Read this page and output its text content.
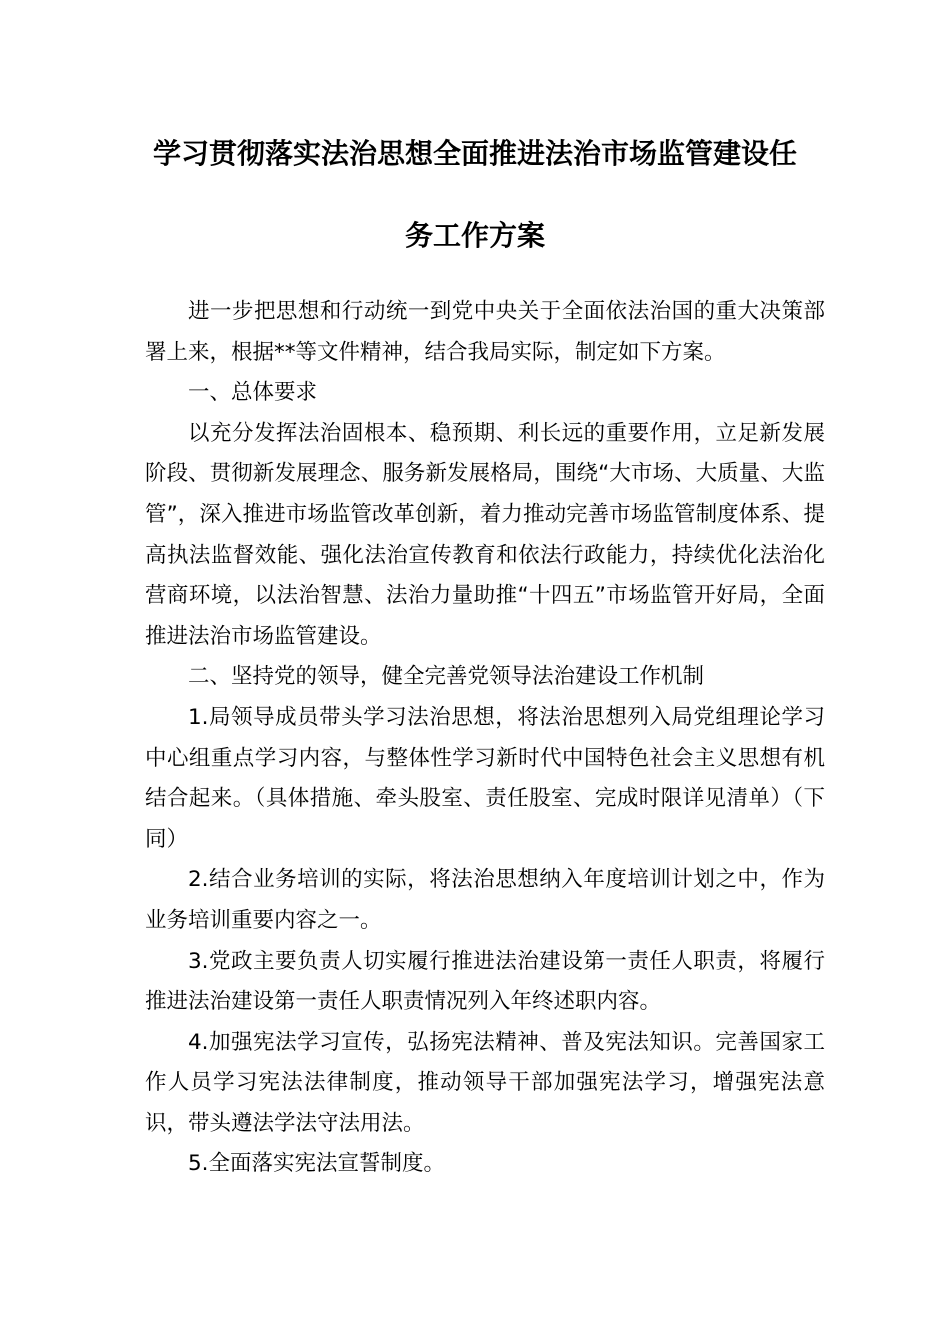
学习贯彻落实法治思想全面推进法治市场监管建设任
务工作方案

进一步把思想和行动统一到党中央关于全面依法治国的重大决策部署上来，根据**等文件精神，结合我局实际，制定如下方案。

一、总体要求

以充分发挥法治固根本、稳预期、利长远的重要作用，立足新发展阶段、贯彻新发展理念、服务新发展格局，围绕“大市场、大质量、大监管”，深入推进市场监管改革创新，着力推动完善市场监管制度体系、提高执法监督效能、强化法治宣传教育和依法行政能力，持续优化法治化营商环境，以法治智慧、法治力量助推“十四五”市场监管开好局，全面推进法治市场监管建设。

二、坚持党的领导，健全完善党领导法治建设工作机制

1.局领导成员带头学习法治思想，将法治思想列入局党组理论学习中心组重点学习内容，与整体性学习新时代中国特色社会主义思想有机结合起来。（具体措施、牵头股室、责任股室、完成时限详见清单）（下同）

2.结合业务培训的实际，将法治思想纳入年度培训计划之中，作为业务培训重要内容之一。

3.党政主要负责人切实履行推进法治建设第一责任人职责，将履行推进法治建设第一责任人职责情况列入年终述职内容。

4.加强宪法学习宣传，弘扬宪法精神、普及宪法知识。完善国家工作人员学习宪法法律制度，推动领导干部加强宪法学习，增强宪法意识，带头遵法学法守法用法。

5.全面落实宪法宣誓制度。
